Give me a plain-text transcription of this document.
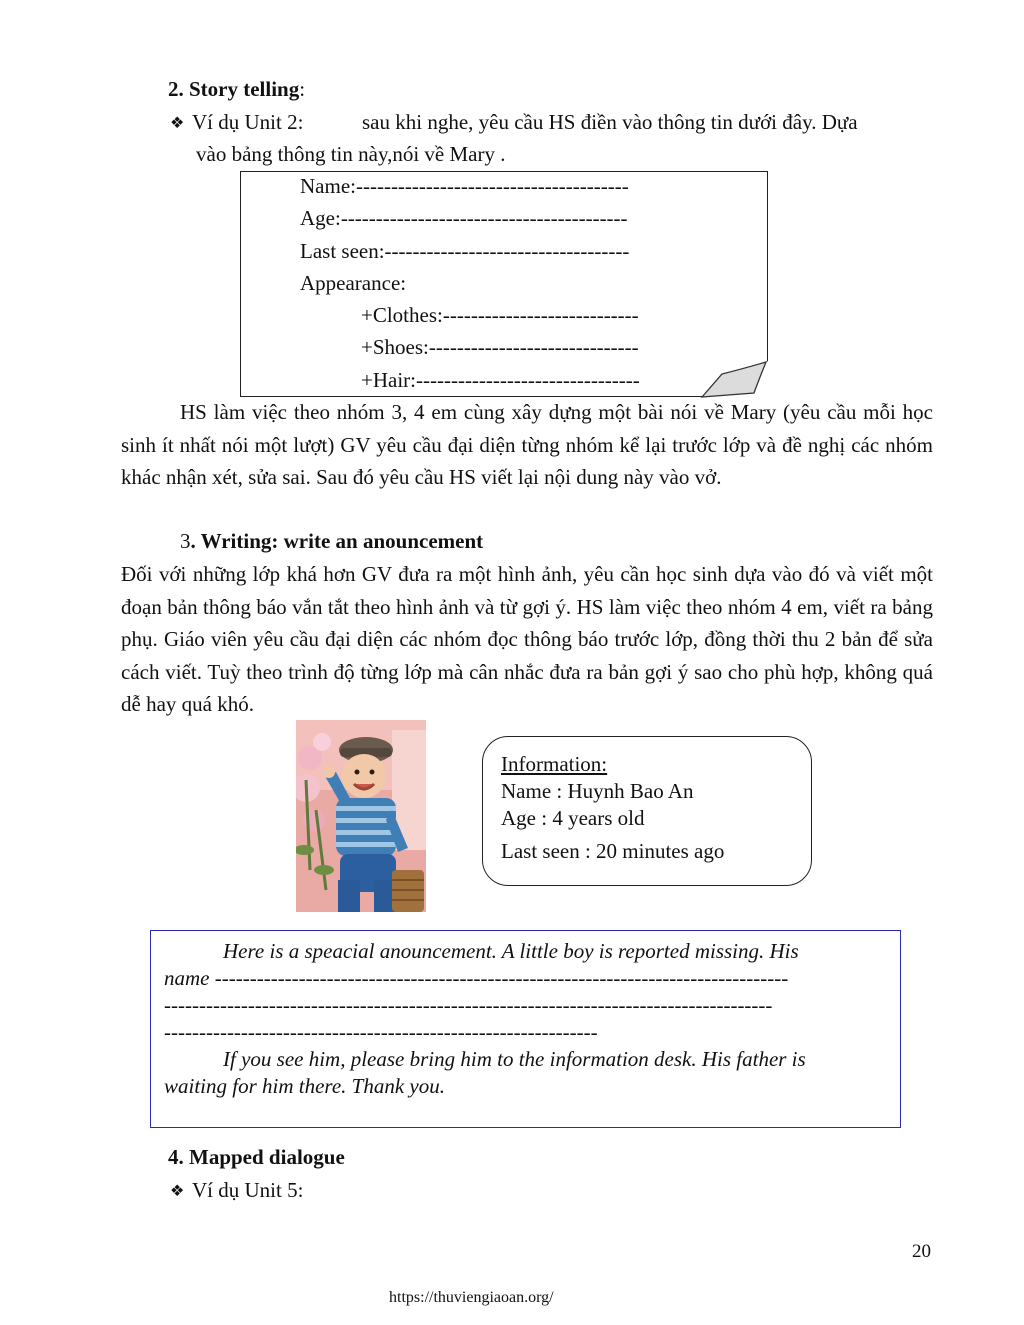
2. Story telling:
❖ Ví dụ Unit 2:	sau khi nghe, yêu cầu HS điền vào thông tin dưới đây. Dựa
vào bảng thông tin này,nói về Mary .
Name:---------------------------------------
Age:-----------------------------------------
Last seen:-----------------------------------
Appearance:
+Clothes:----------------------------
+Shoes:------------------------------
+Hair:--------------------------------
HS làm việc theo nhóm 3, 4 em cùng xây dựng một bài nói về Mary (yêu cầu mỗi học sinh ít nhất nói một lượt) GV yêu cầu đại diện từng nhóm kể lại trước lớp và đề nghị các nhóm khác nhận xét, sửa sai. Sau đó yêu cầu HS viết lại nội dung này vào vở.
3. Writing: write an anouncement
Đối với những lớp khá hơn GV đưa ra một hình ảnh, yêu cần học sinh dựa vào đó và viết một đoạn bản thông báo vắn tắt theo hình ảnh và từ gợi ý. HS làm việc theo nhóm 4 em, viết ra bảng phụ. Giáo viên yêu cầu đại diện các nhóm đọc thông báo trước lớp, đồng thời thu 2 bản để sửa cách viết. Tuỳ theo trình độ từng lớp mà cân nhắc đưa ra bản gợi ý sao cho phù hợp, không quá dễ hay quá khó.
Information:
Name : Huynh Bao An
Age : 4 years old
Last seen : 20 minutes ago
Here is a speacial anouncement. A little boy is reported missing. His
name ----------------------------------------------------------------------------------
---------------------------------------------------------------------------------------
--------------------------------------------------------------
If you see him, please bring him to the information desk. His father is
waiting for him there. Thank you.
4. Mapped dialogue
❖ Ví dụ Unit 5:
20
https://thuviengiaoan.org/
